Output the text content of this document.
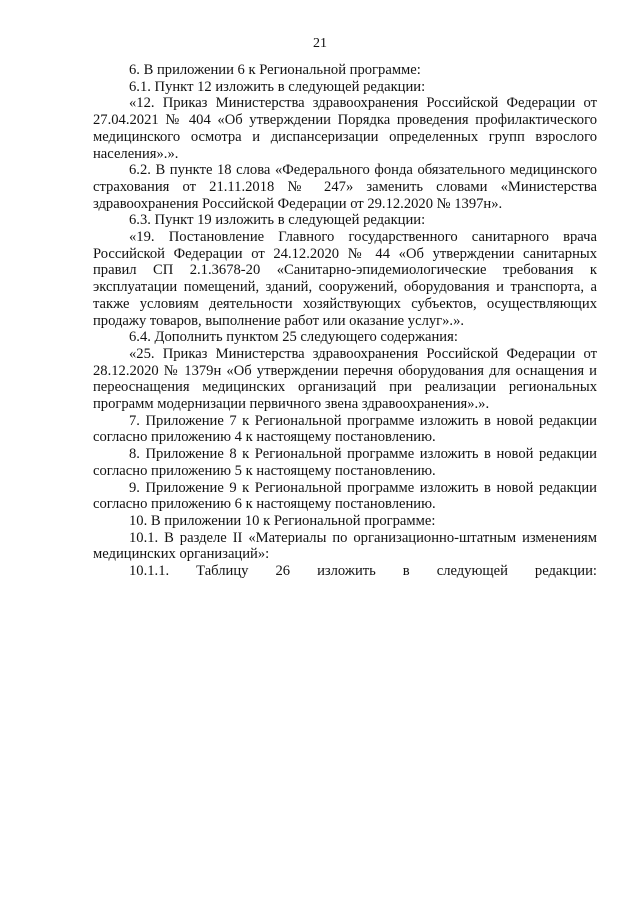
21

6. В приложении 6 к Региональной программе:

6.1. Пункт 12 изложить в следующей редакции:

«12. Приказ Министерства здравоохранения Российской Федерации от 27.04.2021 № 404 «Об утверждении Порядка проведения профилактического медицинского осмотра и диспансеризации определенных групп взрослого населения».».

6.2. В пункте 18 слова «Федерального фонда обязательного медицинского страхования от 21.11.2018 № 247» заменить словами «Министерства здравоохранения Российской Федерации от 29.12.2020 № 1397н».

6.3. Пункт 19 изложить в следующей редакции:

«19. Постановление Главного государственного санитарного врача Российской Федерации от 24.12.2020 № 44 «Об утверждении санитарных правил СП 2.1.3678-20 «Санитарно-эпидемиологические требования к эксплуатации помещений, зданий, сооружений, оборудования и транспорта, а также условиям деятельности хозяйствующих субъектов, осуществляющих продажу товаров, выполнение работ или оказание услуг».».

6.4. Дополнить пунктом 25 следующего содержания:

«25. Приказ Министерства здравоохранения Российской Федерации от 28.12.2020 № 1379н «Об утверждении перечня оборудования для оснащения и переоснащения медицинских организаций при реализации региональных программ модернизации первичного звена здравоохранения».».

7. Приложение 7 к Региональной программе изложить в новой редакции согласно приложению 4 к настоящему постановлению.

8. Приложение 8 к Региональной программе изложить в новой редакции согласно приложению 5 к настоящему постановлению.

9. Приложение 9 к Региональной программе изложить в новой редакции согласно приложению 6 к настоящему постановлению.

10. В приложении 10 к Региональной программе:

10.1. В разделе II «Материалы по организационно-штатным изменениям медицинских организаций»:

10.1.1. Таблицу 26 изложить в следующей редакции:
